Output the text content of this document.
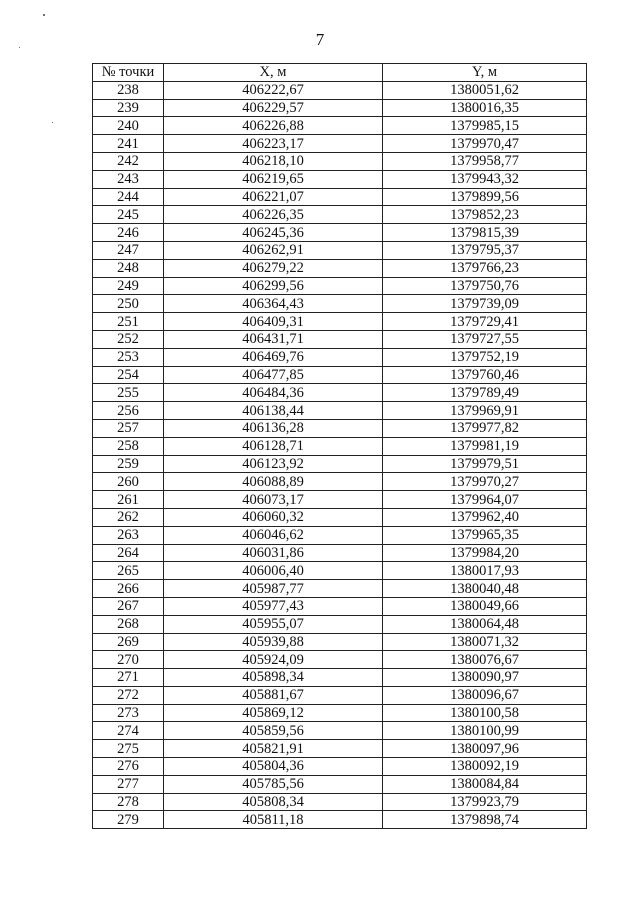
7
№ точки	X, м	Y, м
238	406222,67	1380051,62
239	406229,57	1380016,35
240	406226,88	1379985,15
241	406223,17	1379970,47
242	406218,10	1379958,77
243	406219,65	1379943,32
244	406221,07	1379899,56
245	406226,35	1379852,23
246	406245,36	1379815,39
247	406262,91	1379795,37
248	406279,22	1379766,23
249	406299,56	1379750,76
250	406364,43	1379739,09
251	406409,31	1379729,41
252	406431,71	1379727,55
253	406469,76	1379752,19
254	406477,85	1379760,46
255	406484,36	1379789,49
256	406138,44	1379969,91
257	406136,28	1379977,82
258	406128,71	1379981,19
259	406123,92	1379979,51
260	406088,89	1379970,27
261	406073,17	1379964,07
262	406060,32	1379962,40
263	406046,62	1379965,35
264	406031,86	1379984,20
265	406006,40	1380017,93
266	405987,77	1380040,48
267	405977,43	1380049,66
268	405955,07	1380064,48
269	405939,88	1380071,32
270	405924,09	1380076,67
271	405898,34	1380090,97
272	405881,67	1380096,67
273	405869,12	1380100,58
274	405859,56	1380100,99
275	405821,91	1380097,96
276	405804,36	1380092,19
277	405785,56	1380084,84
278	405808,34	1379923,79
279	405811,18	1379898,74
